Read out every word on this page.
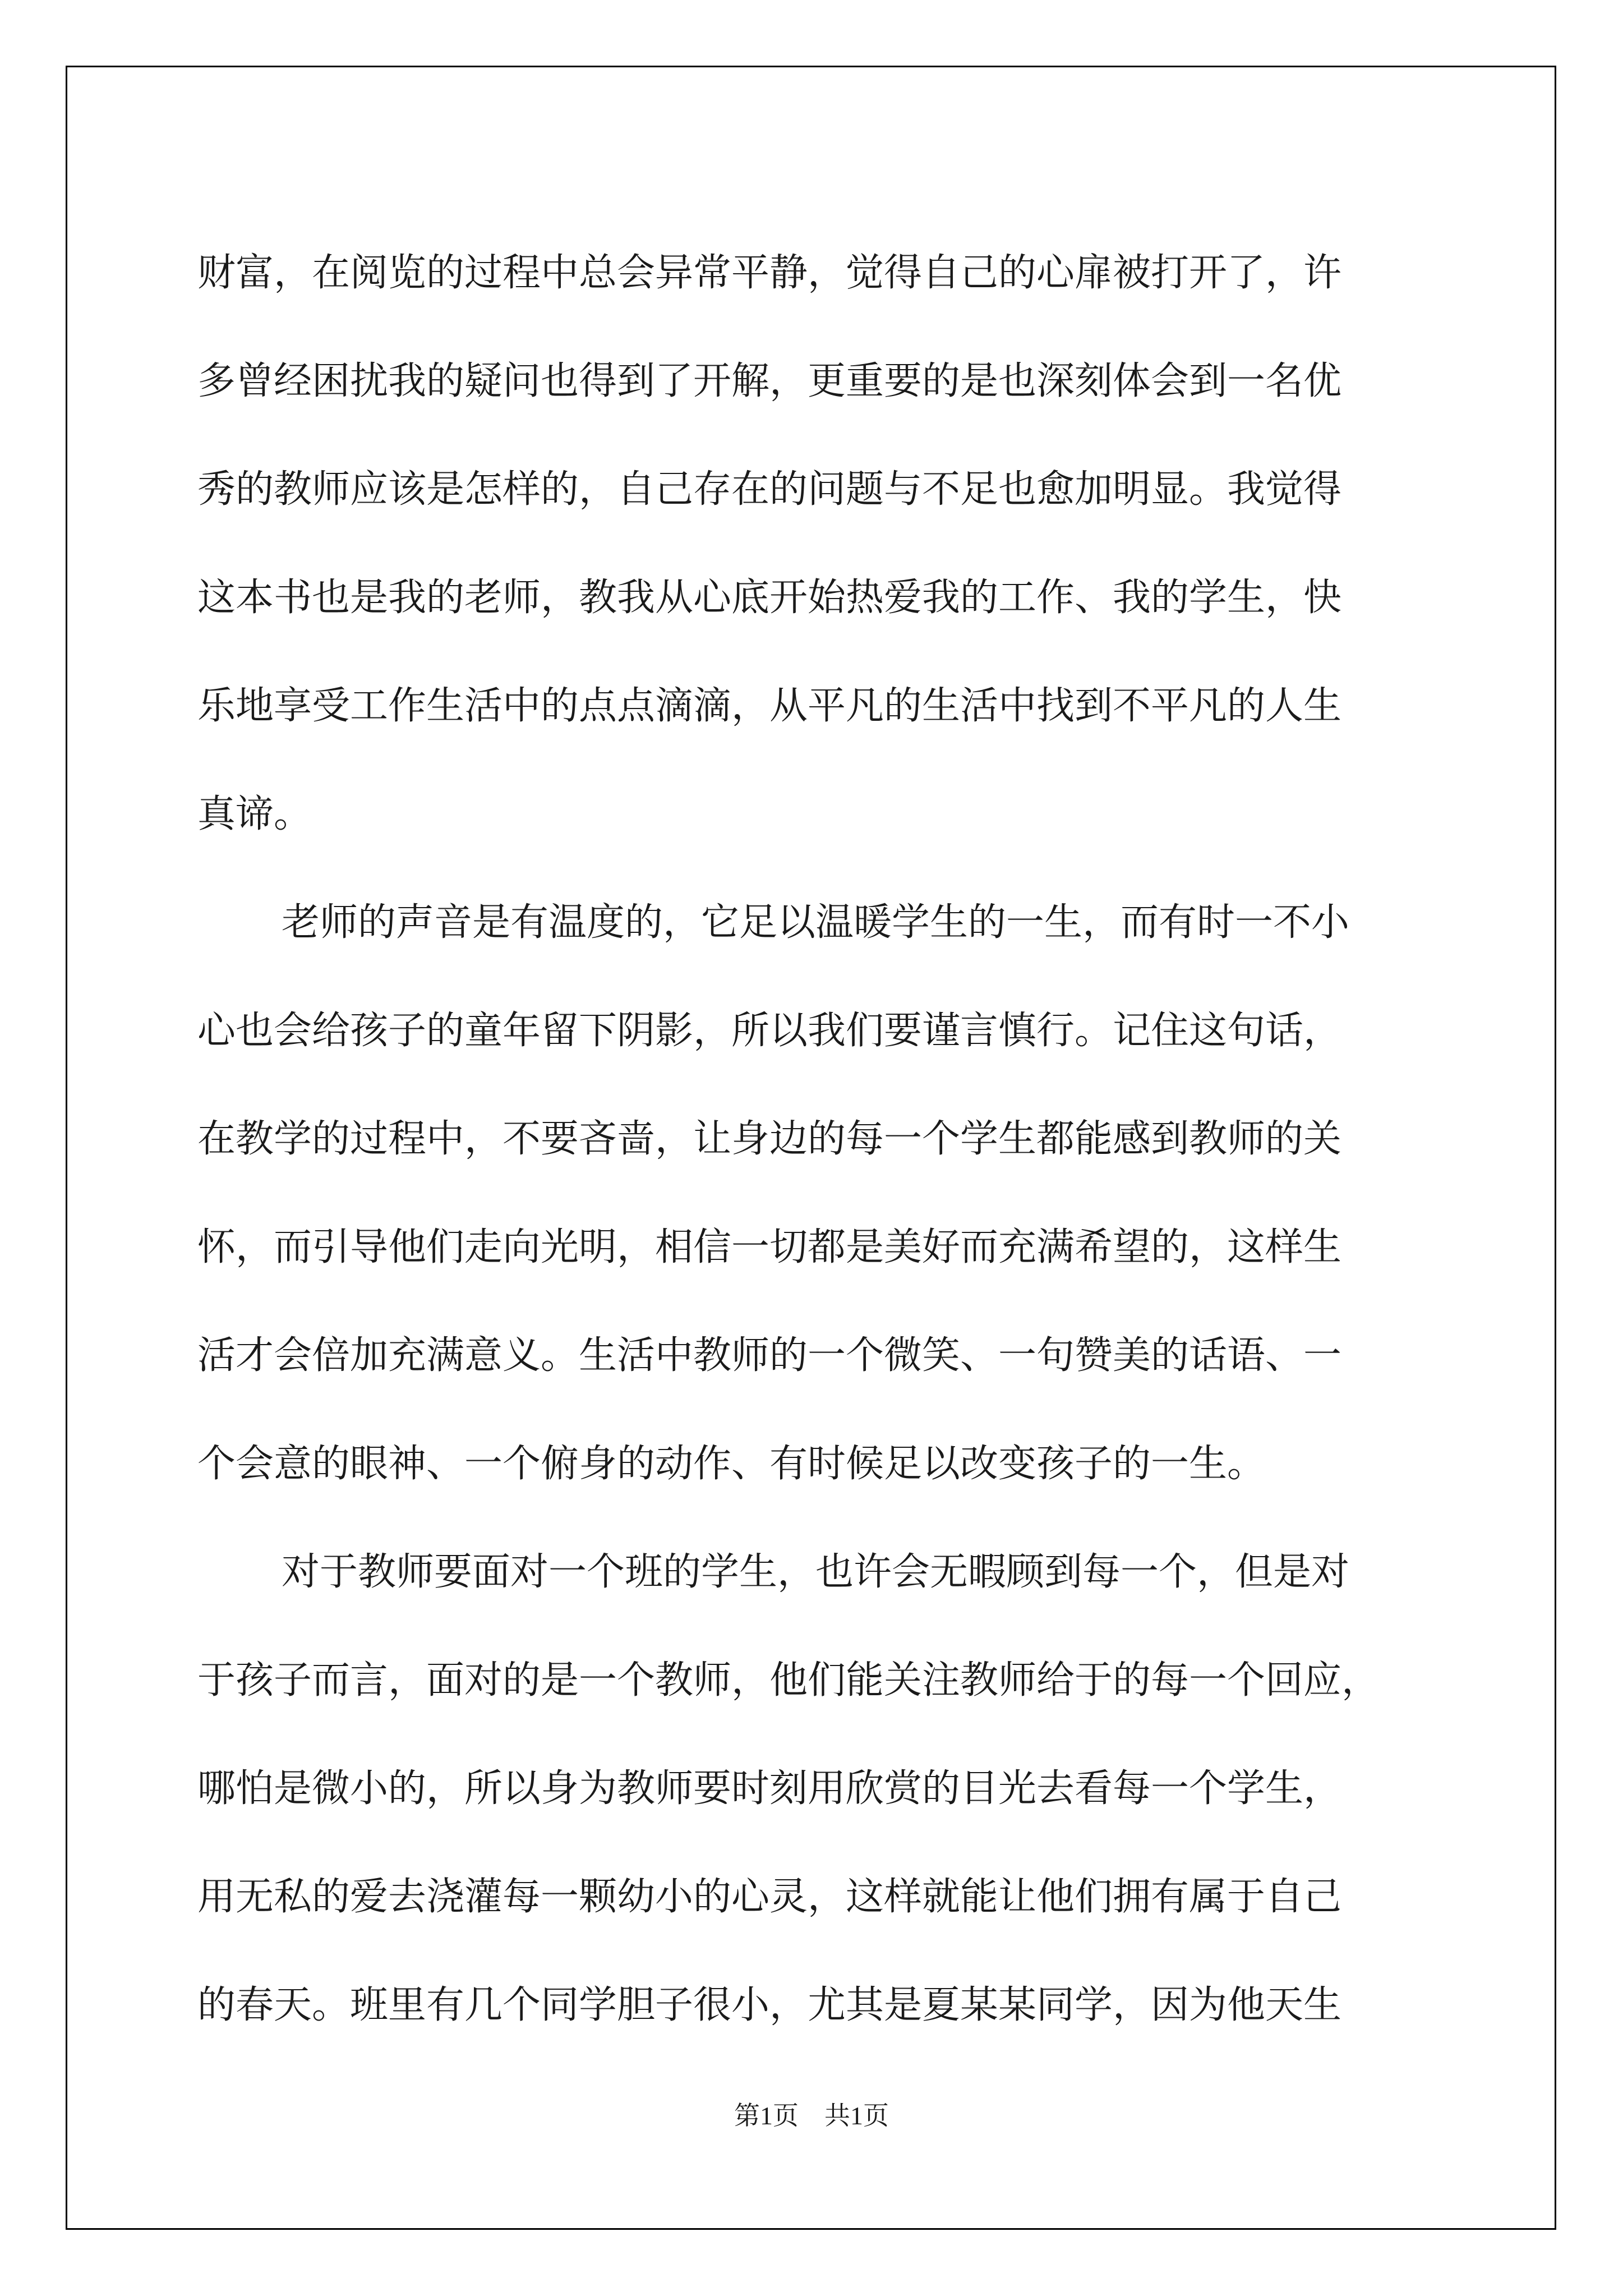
财富，在阅览的过程中总会异常平静，觉得自己的心扉被打开了，许
多曾经困扰我的疑问也得到了开解，更重要的是也深刻体会到一名优
秀的教师应该是怎样的，自己存在的问题与不足也愈加明显。我觉得
这本书也是我的老师，教我从心底开始热爱我的工作、我的学生，快
乐地享受工作生活中的点点滴滴，从平凡的生活中找到不平凡的人生
真谛。
老师的声音是有温度的，它足以温暖学生的一生，而有时一不小
心也会给孩子的童年留下阴影，所以我们要谨言慎行。记住这句话，
在教学的过程中，不要吝啬，让身边的每一个学生都能感到教师的关
怀，而引导他们走向光明，相信一切都是美好而充满希望的，这样生
活才会倍加充满意义。生活中教师的一个微笑、一句赞美的话语、一
个会意的眼神、一个俯身的动作、有时候足以改变孩子的一生。
对于教师要面对一个班的学生，也许会无暇顾到每一个，但是对
于孩子而言，面对的是一个教师，他们能关注教师给于的每一个回应，
哪怕是微小的，所以身为教师要时刻用欣赏的目光去看每一个学生，
用无私的爱去浇灌每一颗幼小的心灵，这样就能让他们拥有属于自己
的春天。班里有几个同学胆子很小，尤其是夏某某同学，因为他天生
第1页　共1页
